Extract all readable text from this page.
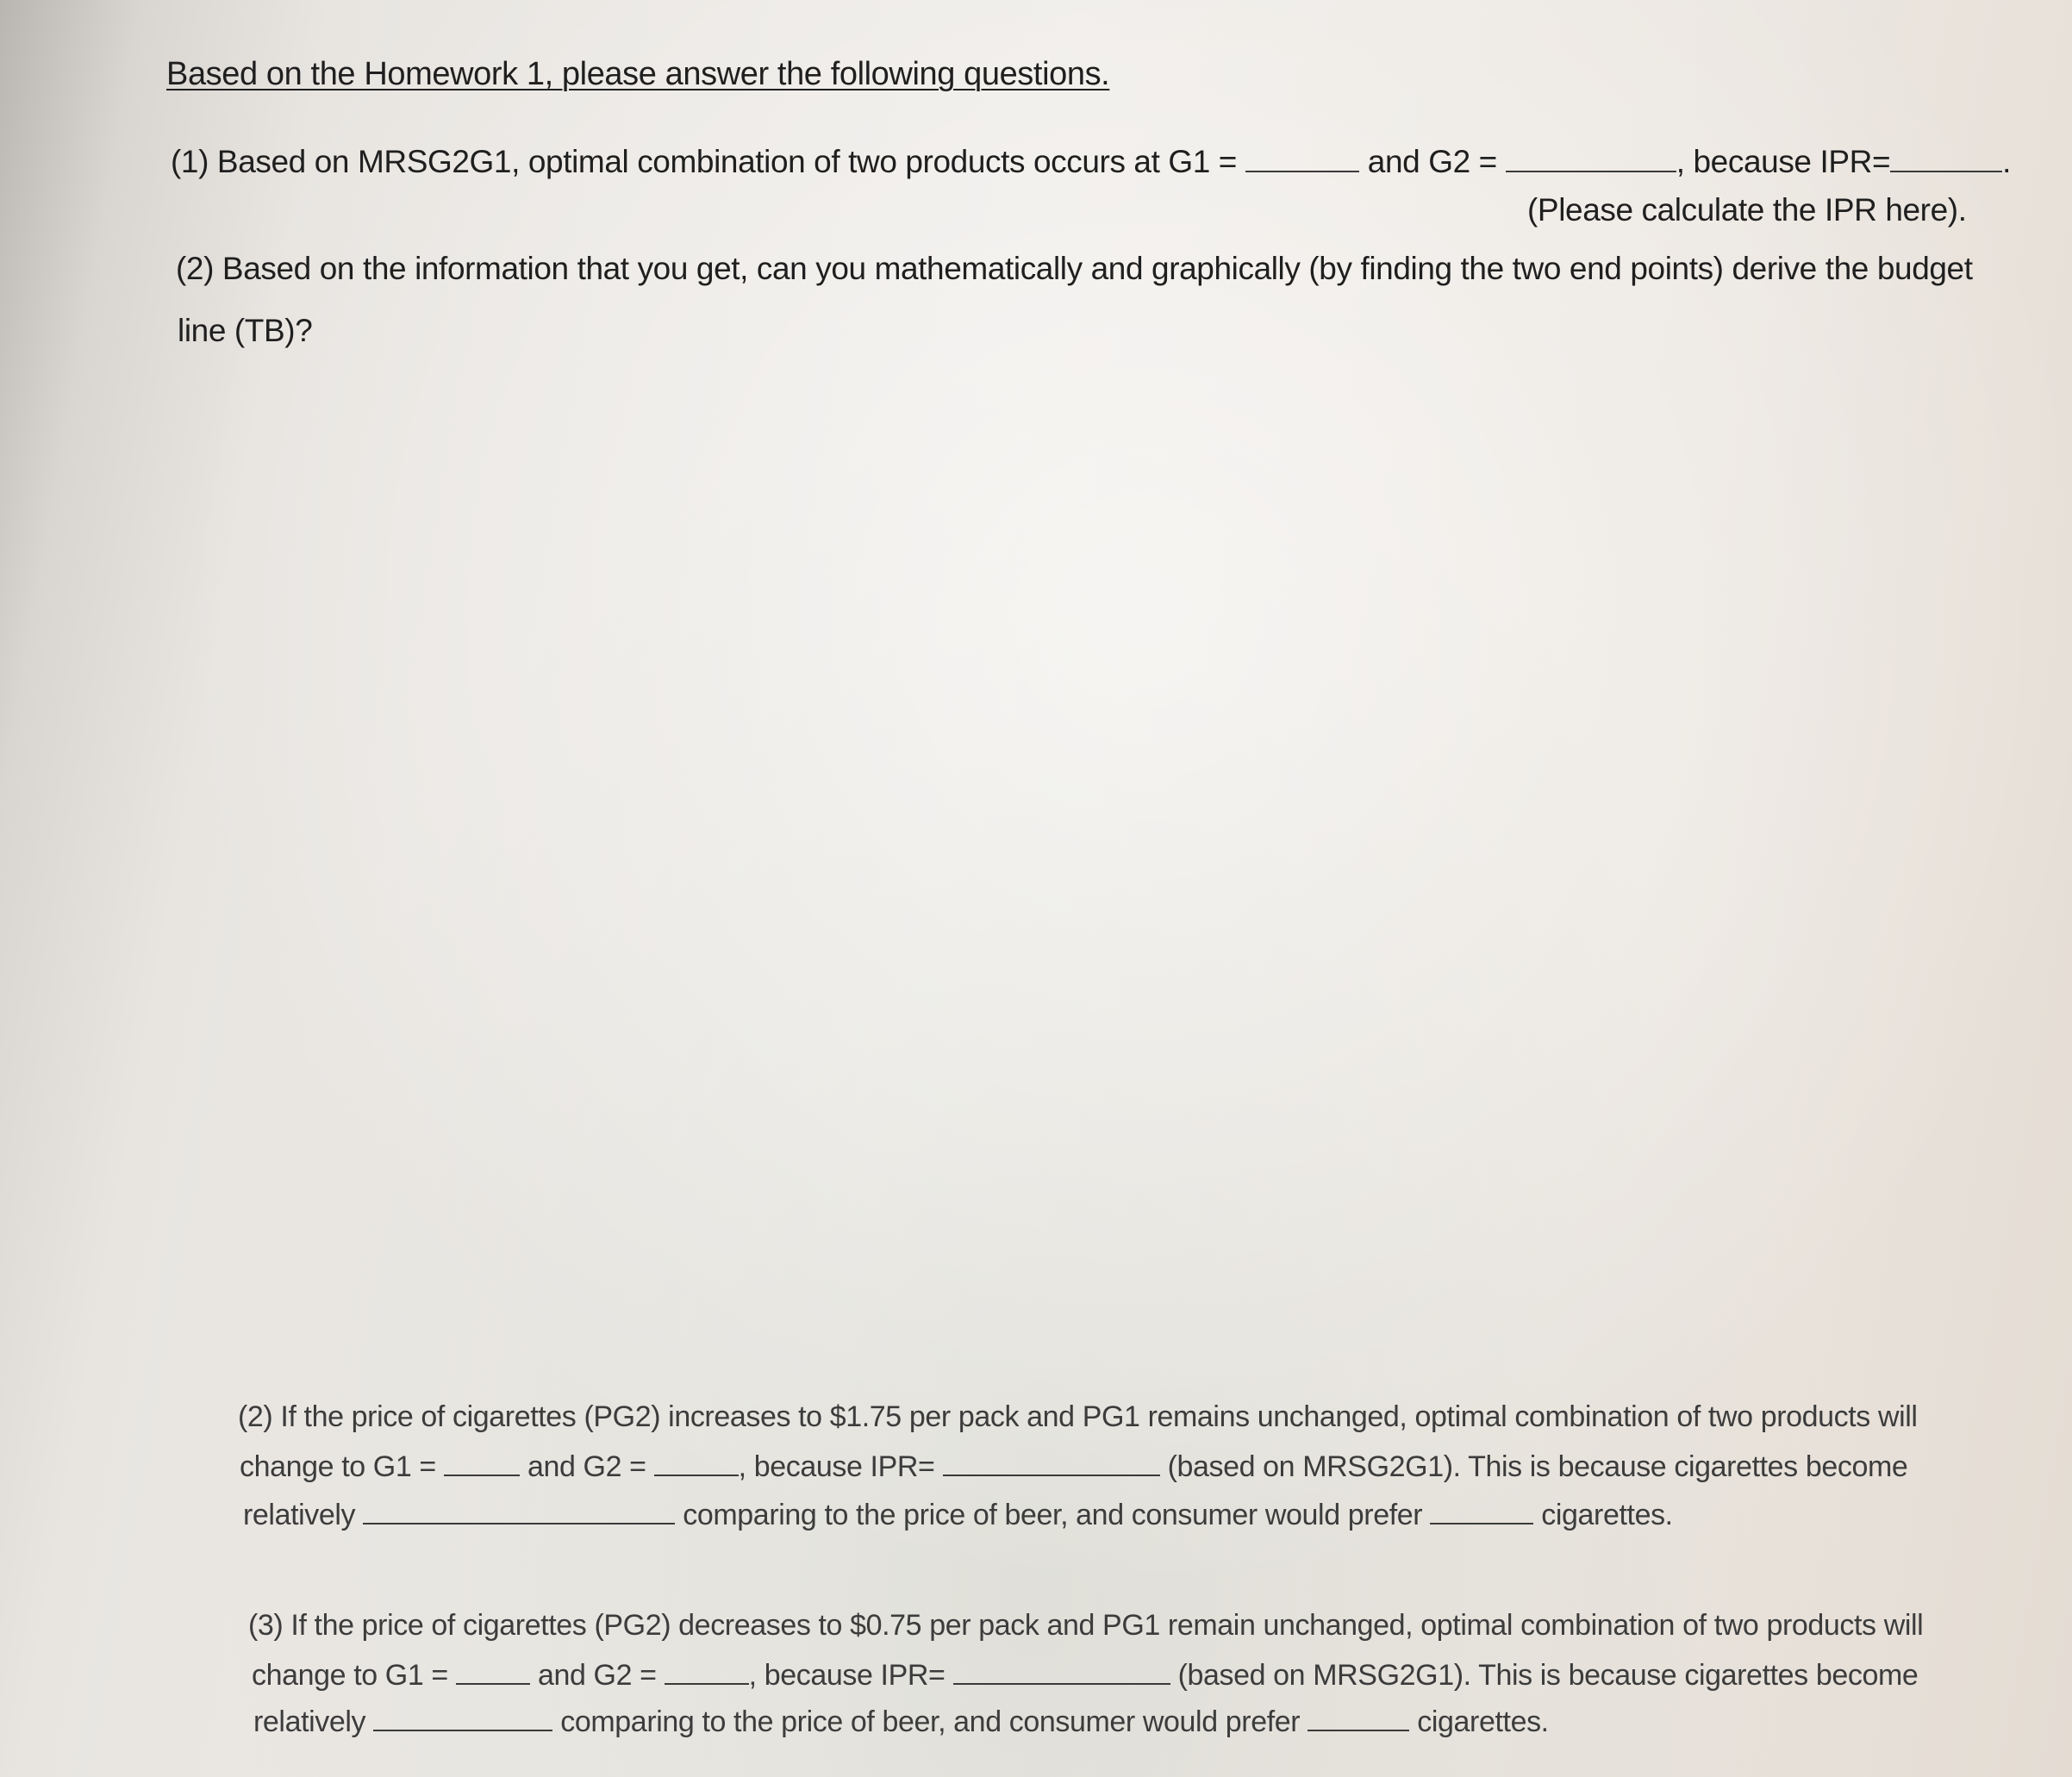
Based on the Homework 1, please answer the following questions.
(1) Based on MRSG2G1, optimal combination of two products occurs at G1 =	and G2 =	, because IPR=	.
(Please calculate the IPR here).
(2) Based on the information that you get, can you mathematically and graphically (by finding the two end points) derive the budget
line (TB)?
(2) If the price of cigarettes (PG2) increases to $1.75 per pack and PG1 remains unchanged, optimal combination of two products will
change to G1 =	and G2 =	, because IPR=	(based on MRSG2G1). This is because cigarettes become
relatively	comparing to the price of beer, and consumer would prefer	cigarettes.
(3) If the price of cigarettes (PG2) decreases to $0.75 per pack and PG1 remain unchanged, optimal combination of two products will
change to G1 =	and G2 =	, because IPR=	(based on MRSG2G1). This is because cigarettes become
relatively	comparing to the price of beer, and consumer would prefer	cigarettes.
